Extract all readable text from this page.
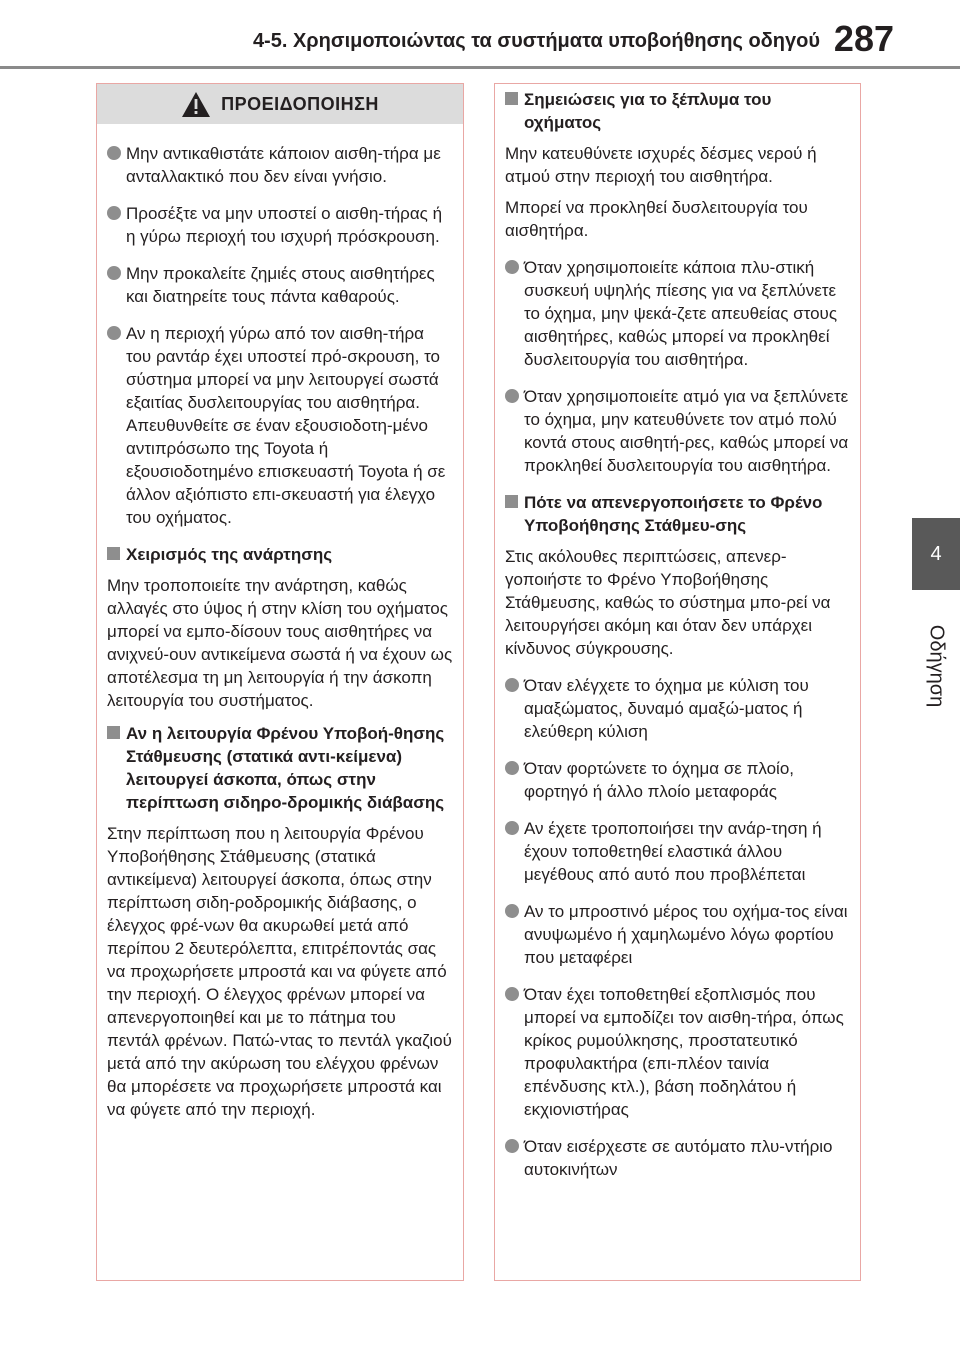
4-5. Χρησιμοποιώντας τα συστήματα υποβοήθησης οδηγού 287
4
Οδήγηση
ΠΡΟΕΙΔΟΠΟΙΗΣΗ
Μην αντικαθιστάτε κάποιον αισθη-τήρα με ανταλλακτικό που δεν είναι γνήσιο.
Προσέξτε να μην υποστεί ο αισθη-τήρας ή η γύρω περιοχή του ισχυρή πρόσκρουση.
Μην προκαλείτε ζημιές στους αισθητήρες και διατηρείτε τους πάντα καθαρούς.
Αν η περιοχή γύρω από τον αισθη-τήρα του ραντάρ έχει υποστεί πρό-σκρουση, το σύστημα μπορεί να μην λειτουργεί σωστά εξαιτίας δυσλειτουργίας του αισθητήρα. Απευθυνθείτε σε έναν εξουσιοδοτη-μένο αντιπρόσωπο της Toyota ή εξουσιοδοτημένο επισκευαστή Toyota ή σε άλλον αξιόπιστο επι-σκευαστή για έλεγχο του οχήματος.
Χειρισμός της ανάρτησης
Μην τροποποιείτε την ανάρτηση, καθώς αλλαγές στο ύψος ή στην κλίση του οχήματος μπορεί να εμπο-δίσουν τους αισθητήρες να ανιχνεύ-ουν αντικείμενα σωστά ή να έχουν ως αποτέλεσμα τη μη λειτουργία ή την άσκοπη λειτουργία του συστήματος.
Αν η λειτουργία Φρένου Υποβοή-θησης Στάθμευσης (στατικά αντι-κείμενα) λειτουργεί άσκοπα, όπως στην περίπτωση σιδηρο-δρομικής διάβασης
Στην περίπτωση που η λειτουργία Φρένου Υποβοήθησης Στάθμευσης (στατικά αντικείμενα) λειτουργεί άσκοπα, όπως στην περίπτωση σιδη-ροδρομικής διάβασης, ο έλεγχος φρέ-νων θα ακυρωθεί μετά από περίπου 2 δευτερόλεπτα, επιτρέποντάς σας να προχωρήσετε μπροστά και να φύγετε από την περιοχή. Ο έλεγχος φρένων μπορεί να απενεργοποιηθεί και με το πάτημα του πεντάλ φρένων. Πατώ-ντας το πεντάλ γκαζιού μετά από την ακύρωση του ελέγχου φρένων θα μπορέσετε να προχωρήσετε μπροστά και να φύγετε από την περιοχή.
Σημειώσεις για το ξέπλυμα του οχήματος
Μην κατευθύνετε ισχυρές δέσμες νερού ή ατμού στην περιοχή του αισθητήρα.
Μπορεί να προκληθεί δυσλειτουργία του αισθητήρα.
Όταν χρησιμοποιείτε κάποια πλυ-στική συσκευή υψηλής πίεσης για να ξεπλύνετε το όχημα, μην ψεκά-ζετε απευθείας στους αισθητήρες, καθώς μπορεί να προκληθεί δυσλειτουργία του αισθητήρα.
Όταν χρησιμοποιείτε ατμό για να ξεπλύνετε το όχημα, μην κατευθύνετε τον ατμό πολύ κοντά στους αισθητή-ρες, καθώς μπορεί να προκληθεί δυσλειτουργία του αισθητήρα.
Πότε να απενεργοποιήσετε το Φρένο Υποβοήθησης Στάθμευ-σης
Στις ακόλουθες περιπτώσεις, απενερ-γοποιήστε το Φρένο Υποβοήθησης Στάθμευσης, καθώς το σύστημα μπο-ρεί να λειτουργήσει ακόμη και όταν δεν υπάρχει κίνδυνος σύγκρουσης.
Όταν ελέγχετε το όχημα με κύλιση του αμαξώματος, δυναμό αμαξώ-ματος ή ελεύθερη κύλιση
Όταν φορτώνετε το όχημα σε πλοίο, φορτηγό ή άλλο πλοίο μεταφοράς
Αν έχετε τροποποιήσει την ανάρ-τηση ή έχουν τοποθετηθεί ελαστικά άλλου μεγέθους από αυτό που προβλέπεται
Αν το μπροστινό μέρος του οχήμα-τος είναι ανυψωμένο ή χαμηλωμένο λόγω φορτίου που μεταφέρει
Όταν έχει τοποθετηθεί εξοπλισμός που μπορεί να εμποδίζει τον αισθη-τήρα, όπως κρίκος ρυμούλκησης, προστατευτικό προφυλακτήρα (επι-πλέον ταινία επένδυσης κτλ.), βάση ποδηλάτου ή εκχιονιστήρας
Όταν εισέρχεστε σε αυτόματο πλυ-ντήριο αυτοκινήτων
